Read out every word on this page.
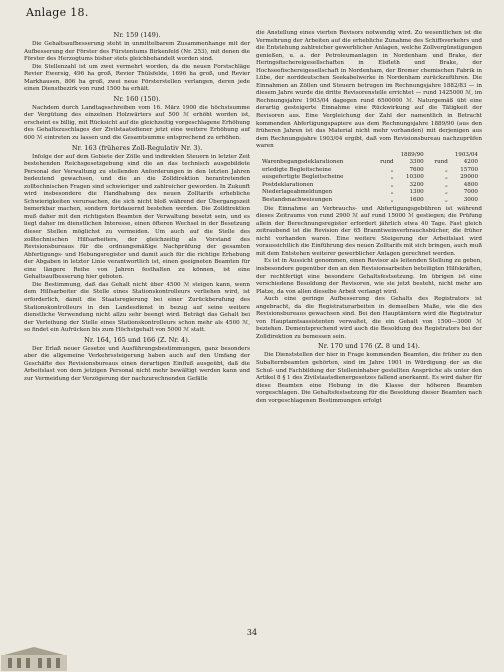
Anlage 18.
Nr. 159 (149).

Die Gehaltsaufbesserung steht in unmittelbarem Zusammenhange mit der Aufbesserung der Förster des Fürstentums Birkenfeld (Nr. 253), mit denen die Förster des Herzogtums bisher stets gleichbehandelt worden sind.

Die Stellenzahl ist um zwei vermehrt worden, da die neuen Forstschläge Revier Ewersig, 496 ha groß, Revier Thülsfelde, 1696 ha groß, und Revier Markhausen, 806 ha groß, zwei neue Försterstellen verlangen, deren jede einen Dienstbezirk von rund 1500 ha erhält.

Nr. 160 (150).

Nachdem durch Landtagsschreiben vom 16. März 1900 die höchstsumme der Vergütung des einzelnen Holzwärters auf 500 ℳ erhöht worden ist, erscheint es billig, mit Rücksicht auf die gleichzeitig vorgeschlagene Erhöhung des Gehaltszuschlages der Zivilstaatsdiener jetzt eine weitere Erhöhung auf 600 ℳ eintreten zu lassen und die Gesamtsumme entsprechend zu erhöhen.

Nr. 163 (früheres Zoll-Regulativ Nr. 3).

Infolge der auf dem Gebiete der Zölle und indirekten Steuern in letzter Zeit bestehenden Reichsgesetzgebung sind die an das technisch ausgebildete Personal der Verwaltung zu stellenden Anforderungen in den letzten Jahren bedeutend gewachsen, und die an die Zolldirektion herantretenden zolltechnischen Fragen sind schwieriger und zahlreicher geworden. In Zukunft wird insbesondere die Handhabung des neuen Zolltarifs erhebliche Schwierigkeiten verursachen, die sich nicht bloß während der Übergangszeit bemerkbar machen, sondern fortdauernd bestehen werden. Die Zolldirektion muß daher mit den richtigsten Beamten der Verwaltung besetzt sein, und es liegt daher im dienstlichen Interesse, einen öfteren Wechsel in der Besetzung dieser Stellen möglichst zu vermeiden. Um auch auf die Stelle des zolltechnischen Hilfsarbeiters, der gleichzeitig als Vorstand des Revisionsbureaus für die ordnungsmäßige Nachprüfung der gesamten Abfertigungs- und Hebungsregister und damit auch für die richtige Erhebung der Abgaben in letzter Linie verantwortlich ist, einen geeigneten Beamten für eine längere Reihe von Jahren festhalten zu können, ist eine Gehaltsaufbesserung hier geboten.

Die Bestimmung, daß das Gehalt nicht über 4500 ℳ steigen kann, wenn dem Hilfsarbeiter die Stelle eines Stationskontrolleurs verliehen wird, ist erforderlich, damit die Staatsregierung bei einer Zurückberufung des Stationskontrolleurs in den Landesdienst in bezug auf seine weitere dienstliche Verwendung nicht allzu sehr beengt wird. Beträgt das Gehalt bei der Verleihung der Stelle eines Stationskontrolleurs schon mehr als 4500 ℳ, so findet ein Aufrücken bis zum Höchstgehalt von 5000 ℳ statt.

Nr. 164, 165 und 166 (Z. Nr. 4).

Der Erlaß neuer Gesetze und Ausführungsbestimmungen, ganz besonders aber die allgemeine Verkehrssteigerung haben auch auf den Umfang der Geschäfte des Revisionsbureaus einen derartigen Einfluß ausgeübt, daß die Arbeitslast von dem jetzigen Personal nicht mehr bewältigt werden kann und zur Vermeidung der Verzögerung der nachzurechnenden Gefälle

die Anstellung eines vierten Revisors notwendig wird. Zu wesentlichen ist die Vermehrung der Arbeiten auf die erhebliche Zunahme des Schiffsverkehrs und die Entstehung zahlreicher gewerblicher Anlagen, welche Zollvergünstigungen genießen, u. a. der Petroleumanlagen in Nordenham und Brake, der Heringsfischereigesellschaften in Elsfleth und Brake, der Hochseefischereigesellschaft in Nordenham, der Bremer chemischen Fabrik in Lübe, der norddeutschen Seekabelwerke in Nordenham zurückzuführen. Die Einnahmen an Zöllen und Steuern betrugen im Rechnungsjahre 1882/83 — in diesem Jahre wurde die dritte Revisorenstelle errichtet — rund 1425000 ℳ, im Rechnungsjahre 1903/04 dagegen rund 6500000 ℳ. Naturgemäß übt eine derartig gesteigerte Einnahme eine Rückwirkung auf die Tätigkeit der Revisoren aus. Eine Vergleichung der Zahl der namentlich in Betracht kommenden Abfertigungspapiere aus dem Rechnungsjahre 1889/90 (aus den früheren Jahren ist das Material nicht mehr vorhanden) mit derjenigen aus dem Rechnungsjahre 1903/04 ergibt, daß vom Revisionsbureau nachzuprüfen waren

	1889/90		1903/04	
Warenbegangsdeklarationen	rund	3300	rund	4200
erledigte Begleitscheine	„	7600	„	15700
ausgefertigte Begleitscheine	„	10300	„	29000
Postdeklarationen	„	3200	„	4800
Niederlageabmeldungen	„	1300	„	7000
Bestandsnachweisungen	„	1600	„	3000

Die Einnahme an Verbrauchs- und Abfertigungsgebühren ist während dieses Zeitraums von rund 2900 ℳ auf rund 15000 ℳ gestiegen; die Prüfung allein der Berechnungsregister erfordert jährlich etwa 40 Tage. Fast gleich zeitraubend ist die Revision der 65 Branntweinverbrauchsbücher, die früher nicht vorhanden waren. Eine weitere Steigerung der Arbeitslast wird voraussichtlich die Einführung des neuen Zolltarifs mit sich bringen, auch muß mit dem Entstehen weiterer gewerblicher Anlagen gerechnet werden.

Es ist in Aussicht genommen, einen Revisor als leitenden Stellung zu geben, insbesondere gegenüber den an den Revisionsarbeiten beteiligten Hilfskräften, der rechtfertigt eine besondere Gehaltsfestsetzung. Im übrigen ist eine verschiedene Besoldung der Revisoren, wie sie jetzt besteht, nicht mehr am Platze, da von allen dieselbe Arbeit verlangt wird.

Auch eine geringe Aufbesserung des Gehalts des Registrators ist angebracht, da die Registraturarbeiten in demselben Maße, wie die des Revisionsbureaus gewachsen sind. Bei den Hauptämtern wird die Registratur von Hauptamtsassistenten verwaltet, die ein Gehalt von 1500—3000 ℳ beziehen. Dementsprechend wird auch die Besoldung des Registrators bei der Zolldirektion zu bemessen sein.

Nr. 170 und 176 (Z. 8 und 14).

Die Dienststellen der hier in Frage kommenden Beamten, die früher zu den Subalternbeamten gehörten, sind im Jahre 1901 in Würdigung der an die Schul- und Fachbildung der Stelleninhaber gestellten Ansprüche als unter den Artikel 8 § 1 des Zivilstaatsdienergesetzes fallend anerkannt. Es wird daher für diese Beamten eine Hebung in die Klasse der höheren Beamten vorgeschlagen. Die Gehaltsfestsetzung für die Besoldung dieser Beamten nach den vorgeschlagenen Bestimmungen erfolgt

34
